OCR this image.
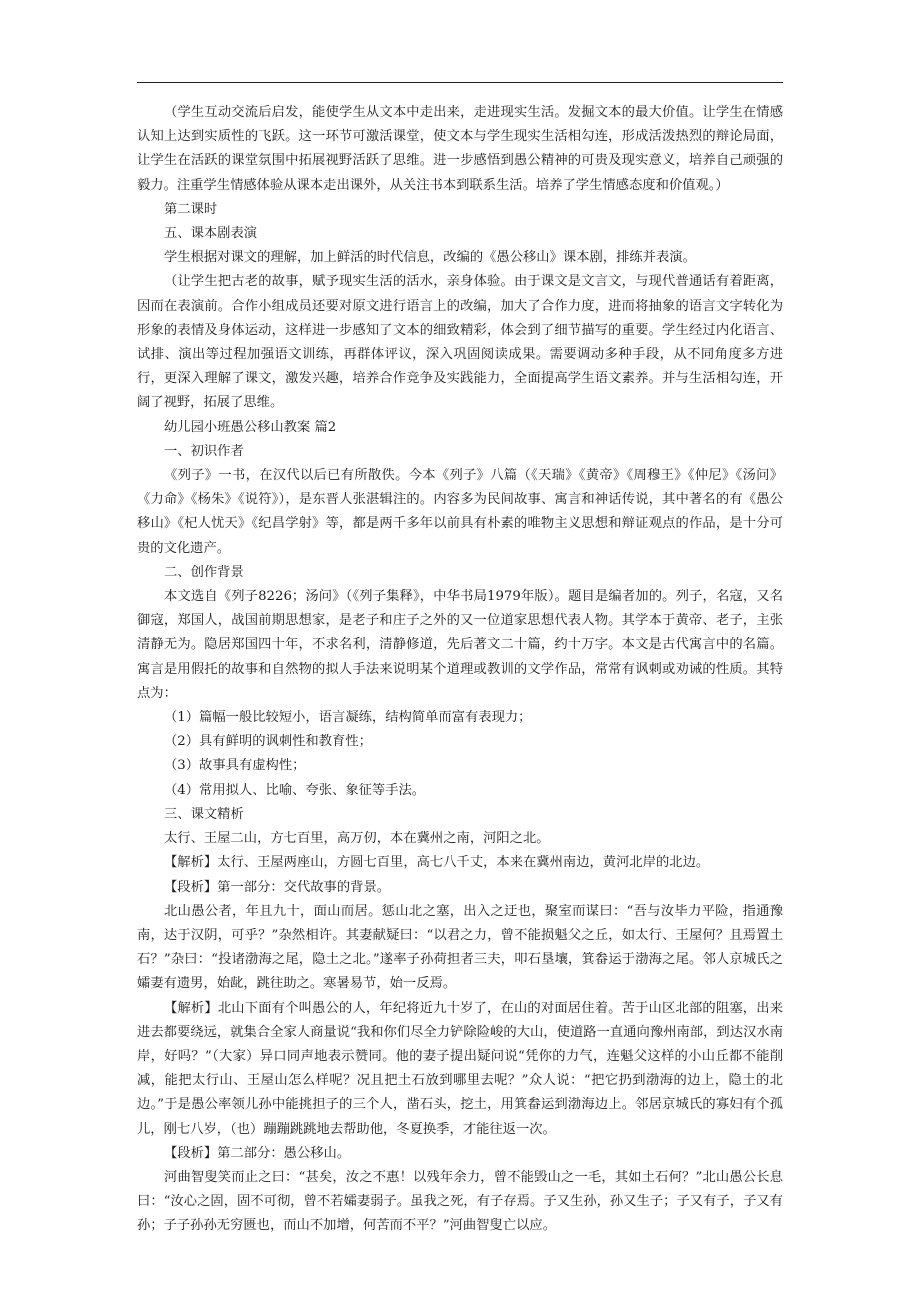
（学生互动交流后启发，能使学生从文本中走出来，走进现实生活。发掘文本的最大价值。让学生在情感认知上达到实质性的飞跃。这一环节可激活课堂，使文本与学生现实生活相勾连，形成活泼热烈的辩论局面，让学生在活跃的课堂氛围中拓展视野活跃了思维。进一步感悟到愚公精神的可贵及现实意义，培养自己顽强的毅力。注重学生情感体验从课本走出课外，从关注书本到联系生活。培养了学生情感态度和价值观。）

第二课时

五、课本剧表演

学生根据对课文的理解，加上鲜活的时代信息，改编的《愚公移山》课本剧，排练并表演。

（让学生把古老的故事，赋予现实生活的活水，亲身体验。由于课文是文言文，与现代普通话有着距离，因而在表演前。合作小组成员还要对原文进行语言上的改编，加大了合作力度，进而将抽象的语言文字转化为形象的表情及身体运动，这样进一步感知了文本的细致精彩，体会到了细节描写的重要。学生经过内化语言、试排、演出等过程加强语文训练，再群体评议，深入巩固阅读成果。需要调动多种手段，从不同角度多方进行，更深入理解了课文，激发兴趣，培养合作竞争及实践能力，全面提高学生语文素养。并与生活相勾连，开阔了视野，拓展了思维。

幼儿园小班愚公移山教案 篇2

一、初识作者

《列子》一书，在汉代以后已有所散佚。今本《列子》八篇（《天瑞》《黄帝》《周穆王》《仲尼》《汤问》《力命》《杨朱》《说符》），是东晋人张湛辑注的。内容多为民间故事、寓言和神话传说，其中著名的有《愚公移山》《杞人忧天》《纪昌学射》等，都是两千多年以前具有朴素的唯物主义思想和辩证观点的作品，是十分可贵的文化遗产。

二、创作背景

本文选自《列子8226；汤问》（《列子集释》，中华书局1979年版）。题目是编者加的。列子，名寇，又名御寇，郑国人，战国前期思想家，是老子和庄子之外的又一位道家思想代表人物。其学本于黄帝、老子，主张清静无为。隐居郑国四十年，不求名利，清静修道，先后著文二十篇，约十万字。本文是古代寓言中的名篇。寓言是用假托的故事和自然物的拟人手法来说明某个道理或教训的文学作品，常常有讽刺或劝诫的性质。其特点为：

（1）篇幅一般比较短小，语言凝练，结构简单而富有表现力；

（2）具有鲜明的讽刺性和教育性；

（3）故事具有虚构性；

（4）常用拟人、比喻、夸张、象征等手法。

三、课文精析

太行、王屋二山，方七百里，高万仞，本在冀州之南，河阳之北。

【解析】太行、王屋两座山，方圆七百里，高七八千丈，本来在冀州南边，黄河北岸的北边。

【段析】第一部分：交代故事的背景。

北山愚公者，年且九十，面山而居。惩山北之塞，出入之迂也，聚室而谋曰：“吾与汝毕力平险，指通豫南，达于汉阴，可乎？”杂然相许。其妻献疑曰：“以君之力，曾不能损魁父之丘，如太行、王屋何？且焉置土石？”杂曰：“投诸渤海之尾，隐土之北。”遂率子孙荷担者三夫，叩石垦壤，箕畚运于渤海之尾。邻人京城氏之孀妻有遗男，始龀，跳往助之。寒暑易节，始一反焉。

【解析】北山下面有个叫愚公的人，年纪将近九十岁了，在山的对面居住着。苦于山区北部的阻塞，出来进去都要绕远，就集合全家人商量说“我和你们尽全力铲除险峻的大山，使道路一直通向豫州南部，到达汉水南岸，好吗？”（大家）异口同声地表示赞同。他的妻子提出疑问说“凭你的力气，连魁父这样的小山丘都不能削减，能把太行山、王屋山怎么样呢？况且把土石放到哪里去呢？”众人说：“把它扔到渤海的边上，隐土的北边。”于是愚公率领儿孙中能挑担子的三个人，凿石头，挖土，用箕畚运到渤海边上。邻居京城氏的寡妇有个孤儿，刚七八岁，（也）蹦蹦跳跳地去帮助他，冬夏换季，才能往返一次。

【段析】第二部分：愚公移山。

河曲智叟笑而止之曰：“甚矣，汝之不惠！以残年余力，曾不能毁山之一毛，其如土石何？”北山愚公长息曰：“汝心之固，固不可彻，曾不若孀妻弱子。虽我之死，有子存焉。子又生孙，孙又生子；子又有子，子又有孙；子子孙孙无穷匮也，而山不加增，何苦而不平？”河曲智叟亡以应。
